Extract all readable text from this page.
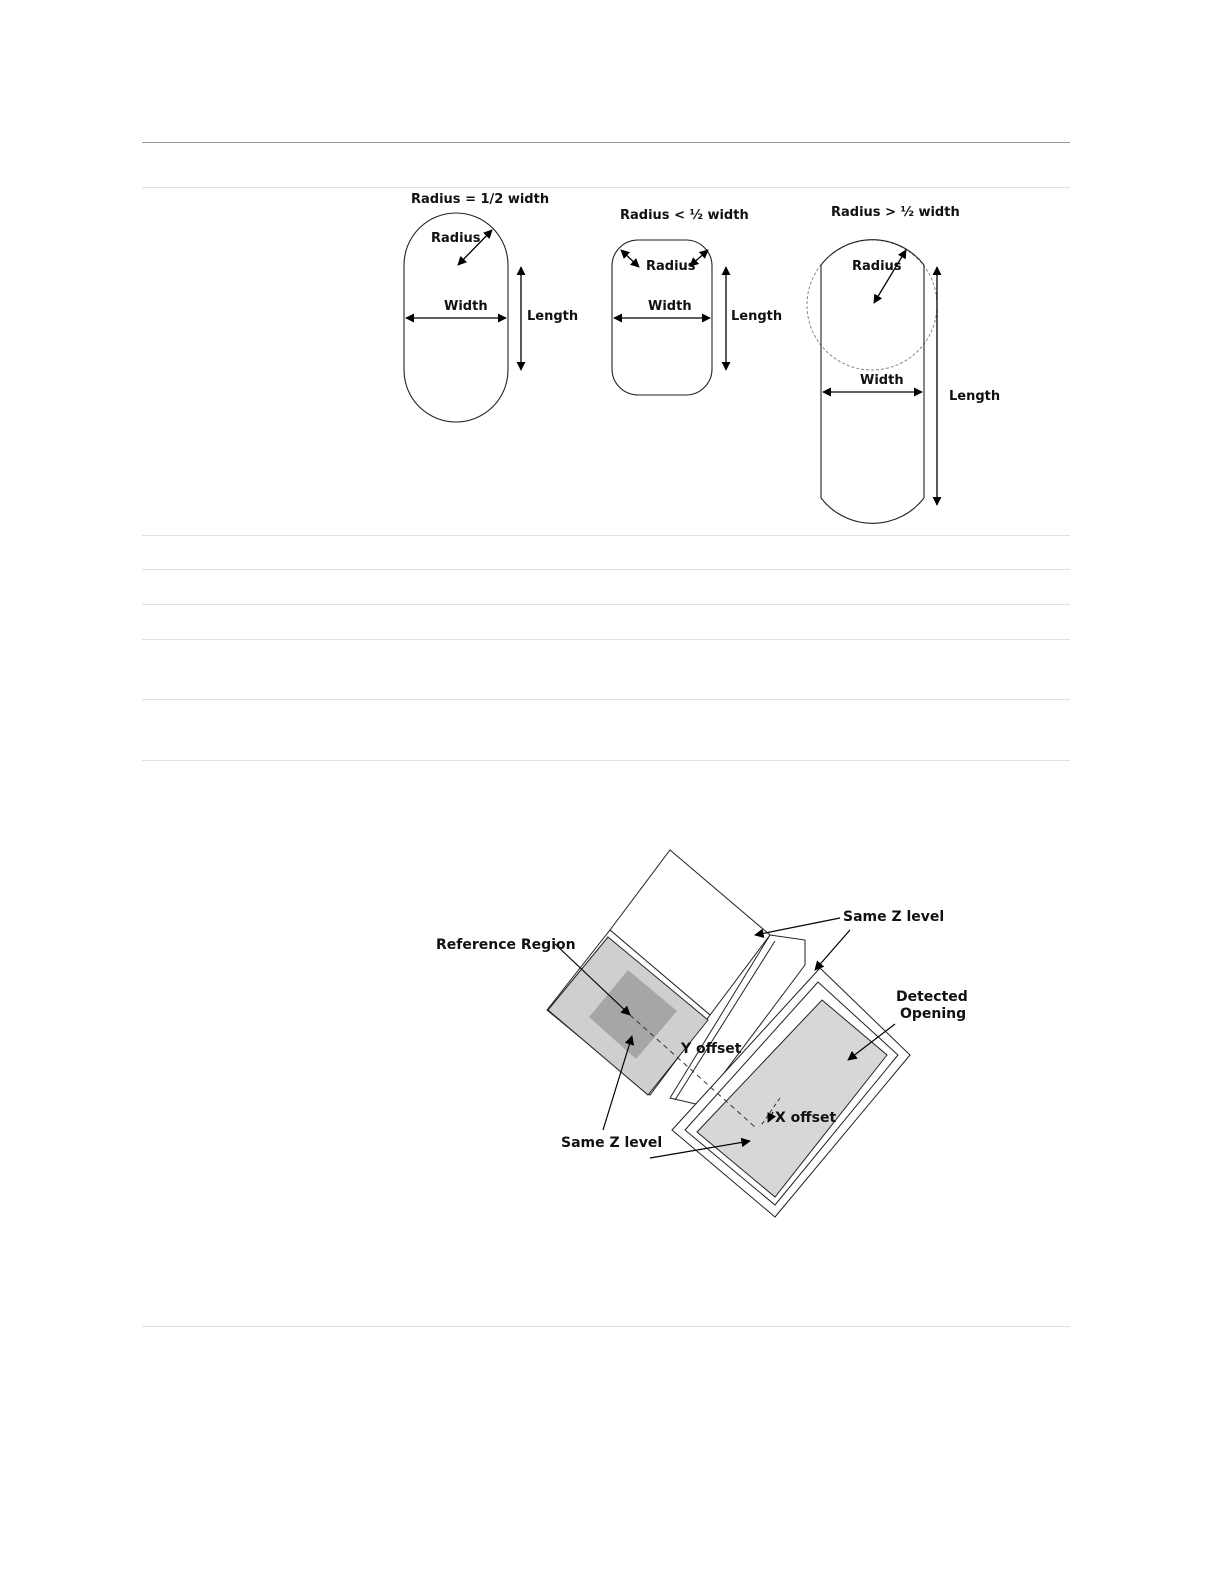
Radius = 1/2 width
Radius
Width
Length
Radius < ½ width
Radius
Width
Length
Radius > ½ width
Radius
Width
Length
Same Z level
Reference Region
Detected
Opening
Y offset
X offset
Same Z level
